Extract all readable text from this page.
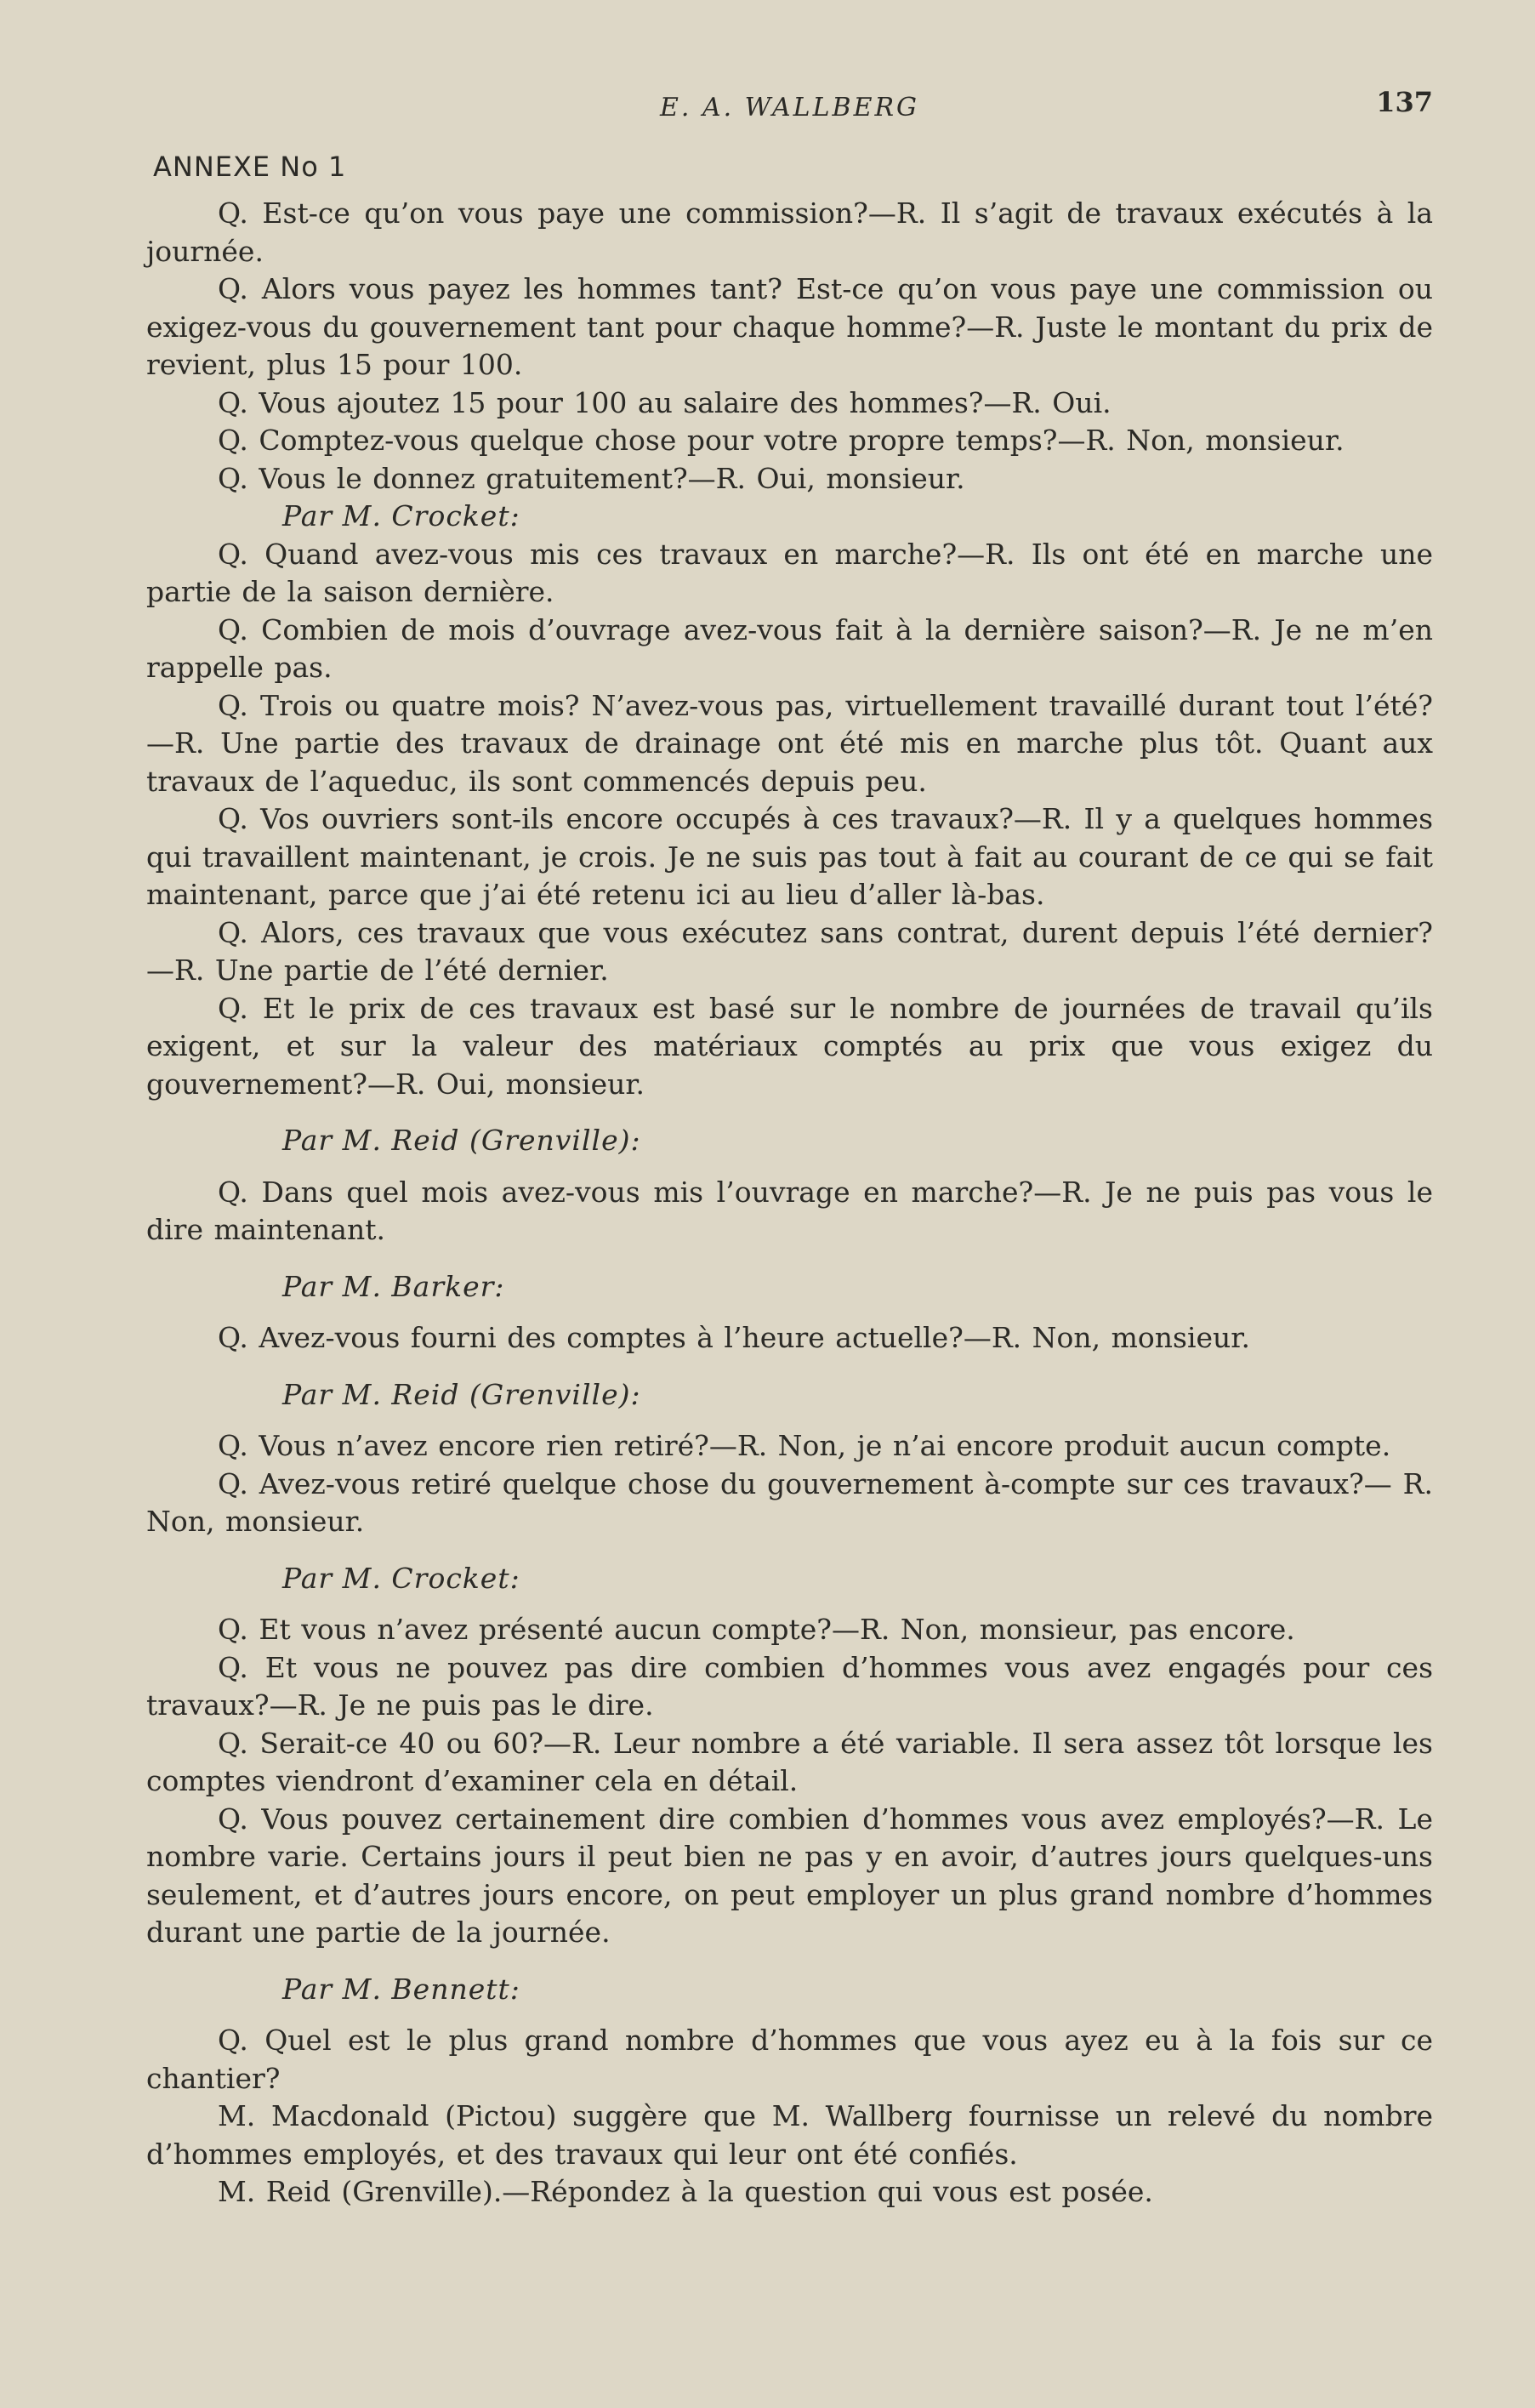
E. A. WALLBERG	137
ANNEXE No 1

Q. Est-ce qu’on vous paye une commission?—R. Il s’agit de travaux exécutés à la journée.

Q. Alors vous payez les hommes tant? Est-ce qu’on vous paye une commission ou exigez-vous du gouvernement tant pour chaque homme?—R. Juste le montant du prix de revient, plus 15 pour 100.

Q. Vous ajoutez 15 pour 100 au salaire des hommes?—R. Oui.

Q. Comptez-vous quelque chose pour votre propre temps?—R. Non, monsieur.

Q. Vous le donnez gratuitement?—R. Oui, monsieur.

Par M. Crocket:

Q. Quand avez-vous mis ces travaux en marche?—R. Ils ont été en marche une partie de la saison dernière.

Q. Combien de mois d’ouvrage avez-vous fait à la dernière saison?—R. Je ne m’en rappelle pas.

Q. Trois ou quatre mois? N’avez-vous pas, virtuellement travaillé durant tout l’été?—R. Une partie des travaux de drainage ont été mis en marche plus tôt. Quant aux travaux de l’aqueduc, ils sont commencés depuis peu.

Q. Vos ouvriers sont-ils encore occupés à ces travaux?—R. Il y a quelques hommes qui travaillent maintenant, je crois. Je ne suis pas tout à fait au courant de ce qui se fait maintenant, parce que j’ai été retenu ici au lieu d’aller là-bas.

Q. Alors, ces travaux que vous exécutez sans contrat, durent depuis l’été dernier? —R. Une partie de l’été dernier.

Q. Et le prix de ces travaux est basé sur le nombre de journées de travail qu’ils exigent, et sur la valeur des matériaux comptés au prix que vous exigez du gouvernement?—R. Oui, monsieur.

Par M. Reid (Grenville):

Q. Dans quel mois avez-vous mis l’ouvrage en marche?—R. Je ne puis pas vous le dire maintenant.

Par M. Barker:

Q. Avez-vous fourni des comptes à l’heure actuelle?—R. Non, monsieur.

Par M. Reid (Grenville):

Q. Vous n’avez encore rien retiré?—R. Non, je n’ai encore produit aucun compte.

Q. Avez-vous retiré quelque chose du gouvernement à-compte sur ces travaux?— R. Non, monsieur.

Par M. Crocket:

Q. Et vous n’avez présenté aucun compte?—R. Non, monsieur, pas encore.

Q. Et vous ne pouvez pas dire combien d’hommes vous avez engagés pour ces travaux?—R. Je ne puis pas le dire.

Q. Serait-ce 40 ou 60?—R. Leur nombre a été variable. Il sera assez tôt lorsque les comptes viendront d’examiner cela en détail.

Q. Vous pouvez certainement dire combien d’hommes vous avez employés?—R. Le nombre varie. Certains jours il peut bien ne pas y en avoir, d’autres jours quelques-uns seulement, et d’autres jours encore, on peut employer un plus grand nombre d’hommes durant une partie de la journée.

Par M. Bennett:

Q. Quel est le plus grand nombre d’hommes que vous ayez eu à la fois sur ce chantier?

M. Macdonald (Pictou) suggère que M. Wallberg fournisse un relevé du nombre d’hommes employés, et des travaux qui leur ont été confiés.

M. Reid (Grenville).—Répondez à la question qui vous est posée.
